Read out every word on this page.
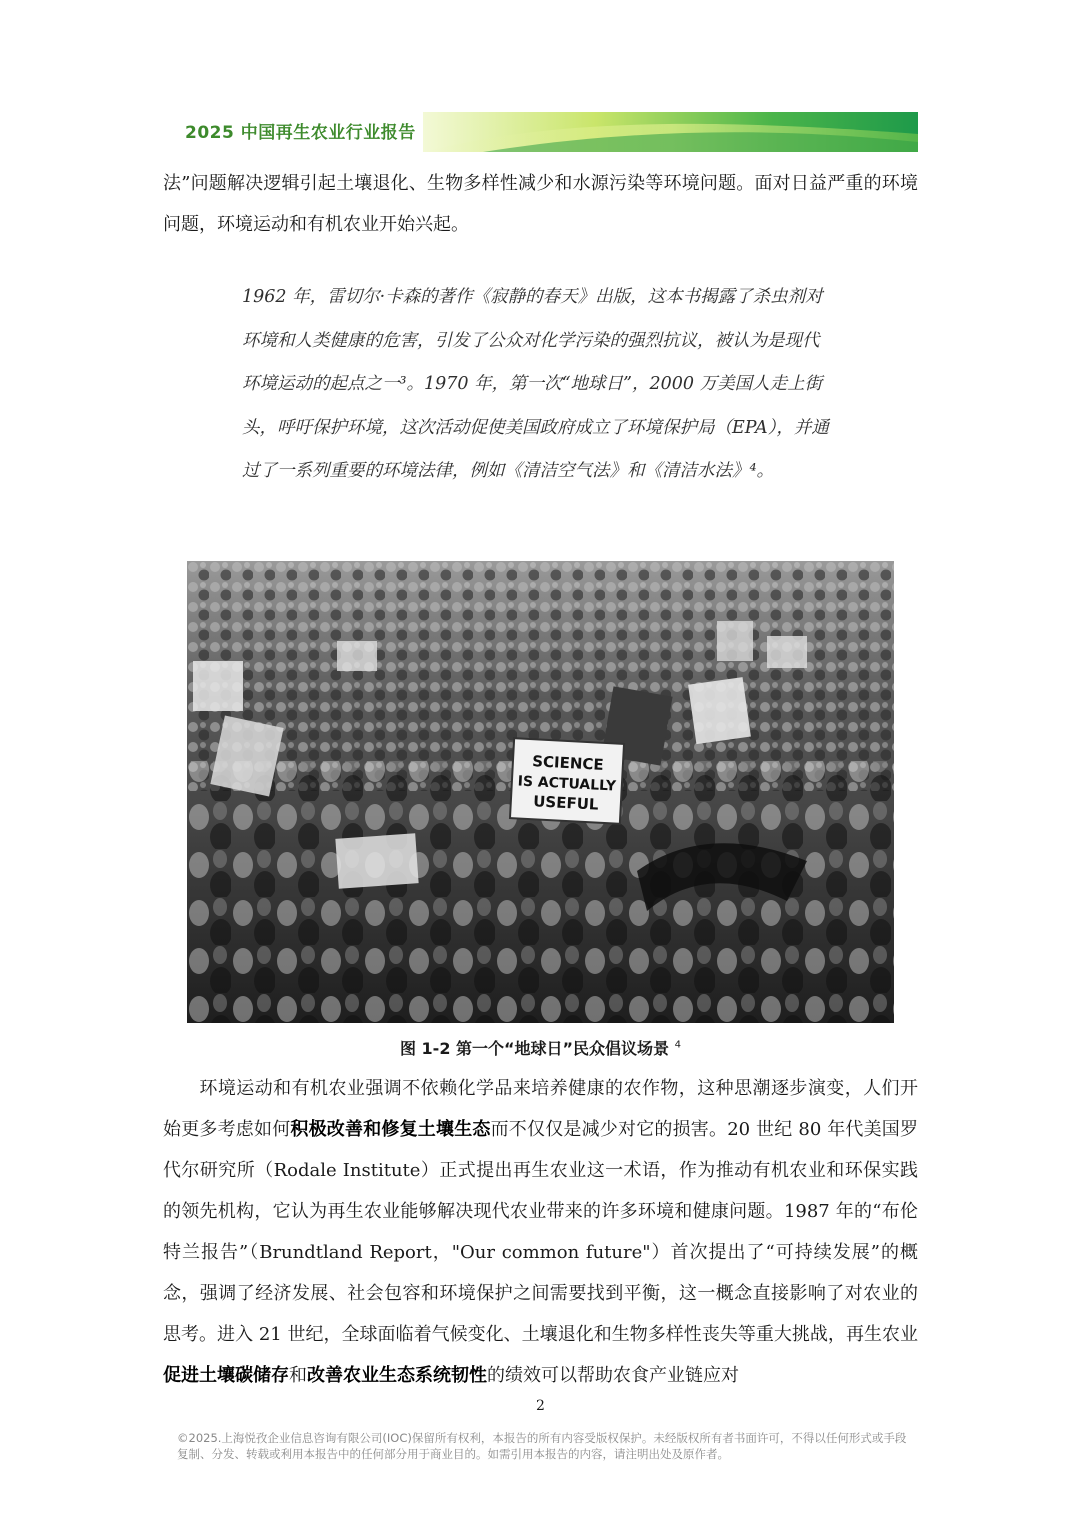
2025 中国再生农业行业报告
法”问题解决逻辑引起土壤退化、生物多样性减少和水源污染等环境问题。面对日益严重的环境问题，环境运动和有机农业开始兴起。
1962 年，雷切尔·卡森的著作《寂静的春天》出版，这本书揭露了杀虫剂对环境和人类健康的危害，引发了公众对化学污染的强烈抗议，被认为是现代环境运动的起点之一³。1970 年，第一次“地球日”，2000 万美国人走上街头，呼吁保护环境，这次活动促使美国政府成立了环境保护局（EPA），并通过了一系列重要的环境法律，例如《清洁空气法》和《清洁水法》⁴。
SCIENCE
IS ACTUALLY
USEFUL
图 1-2 第一个“地球日”民众倡议场景 $^4$
环境运动和有机农业强调不依赖化学品来培养健康的农作物，这种思潮逐步演变，人们开始更多考虑如何积极改善和修复土壤生态而不仅仅是减少对它的损害。20 世纪 80 年代美国罗代尔研究所（Rodale Institute）正式提出再生农业这一术语，作为推动有机农业和环保实践的领先机构，它认为再生农业能够解决现代农业带来的许多环境和健康问题。1987 年的“布伦特兰报告”（Brundtland Report，"Our common future"）首次提出了“可持续发展”的概念，强调了经济发展、社会包容和环境保护之间需要找到平衡，这一概念直接影响了对农业的思考。进入 21 世纪，全球面临着气候变化、土壤退化和生物多样性丧失等重大挑战，再生农业促进土壤碳储存和改善农业生态系统韧性的绩效可以帮助农食产业链应对
2
©2025.上海悦孜企业信息咨询有限公司(IOC)保留所有权利，本报告的所有内容受版权保护。未经版权所有者书面许可，不得以任何形式或手段复制、分发、转载或利用本报告中的任何部分用于商业目的。如需引用本报告的内容，请注明出处及原作者。
